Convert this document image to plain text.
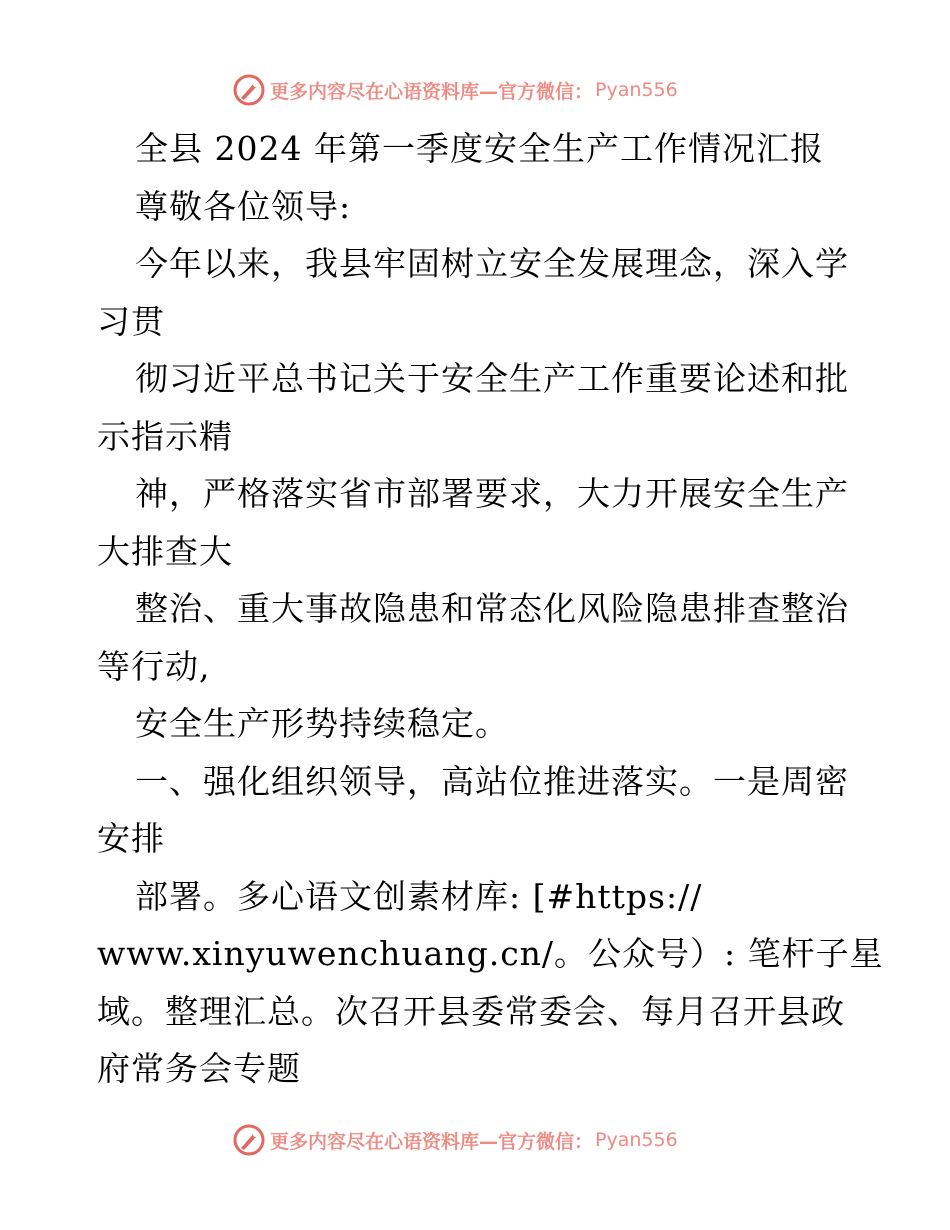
更多内容尽在心语资料库—官方微信： Pyan556
全县 2024 年第一季度安全生产工作情况汇报
尊敬各位领导:
今年以来，我县牢固树立安全发展理念，深入学
习贯
彻习近平总书记关于安全生产工作重要论述和批
示指示精
神，严格落实省市部署要求，大力开展安全生产
大排查大
整治、重大事故隐患和常态化风险隐患排查整治
等行动,
安全生产形势持续稳定。
一、强化组织领导，高站位推进落实。一是周密
安排
部署。多心语文创素材库: [#https://
www.xinyuwenchuang.cn/。公众号）: 笔杆子星
域。整理汇总。次召开县委常委会、每月召开县政
府常务会专题
更多内容尽在心语资料库—官方微信： Pyan556
